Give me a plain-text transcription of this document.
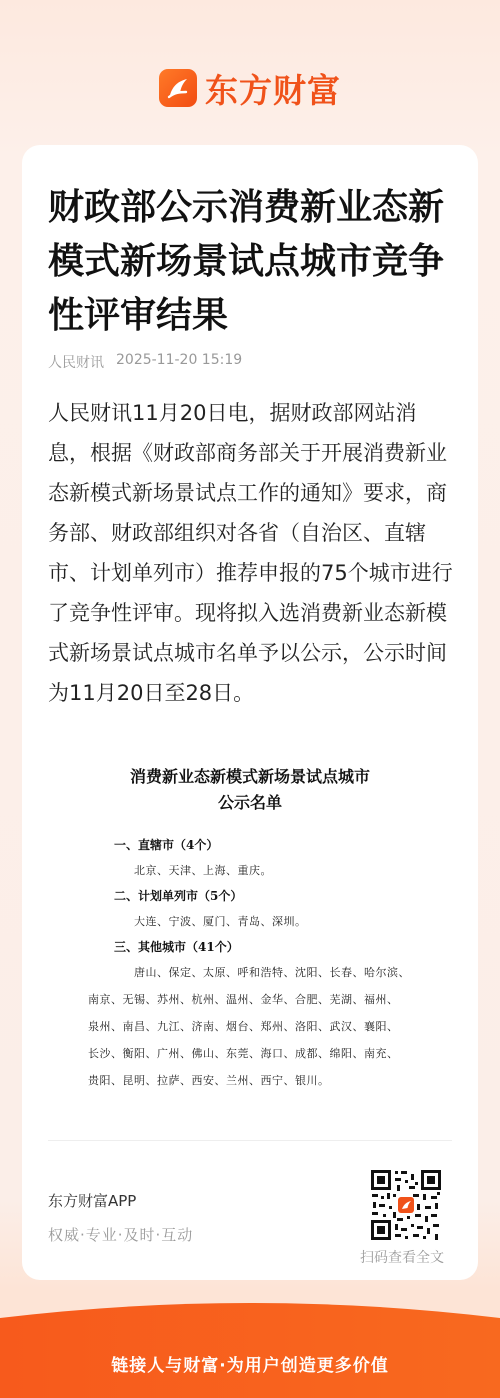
东方财富
财政部公示消费新业态新模式新场景试点城市竞争性评审结果
人民财讯 2025-11-20 15:19

人民财讯11月20日电，据财政部网站消息，根据《财政部商务部关于开展消费新业态新模式新场景试点工作的通知》要求，商务部、财政部组织对各省（自治区、直辖市、计划单列市）推荐申报的75个城市进行了竞争性评审。现将拟入选消费新业态新模式新场景试点城市名单予以公示，公示时间为11月20日至28日。

消费新业态新模式新场景试点城市
公示名单
一、直辖市（4个）
北京、天津、上海、重庆。
二、计划单列市（5个）
大连、宁波、厦门、青岛、深圳。
三、其他城市（41个）
唐山、保定、太原、呼和浩特、沈阳、长春、哈尔滨、
南京、无锡、苏州、杭州、温州、金华、合肥、芜湖、福州、
泉州、南昌、九江、济南、烟台、郑州、洛阳、武汉、襄阳、
长沙、衡阳、广州、佛山、东莞、海口、成都、绵阳、南充、
贵阳、昆明、拉萨、西安、兰州、西宁、银川。
东方财富APP
权威·专业·及时·互动
扫码查看全文
链接人与财富·为用户创造更多价值
